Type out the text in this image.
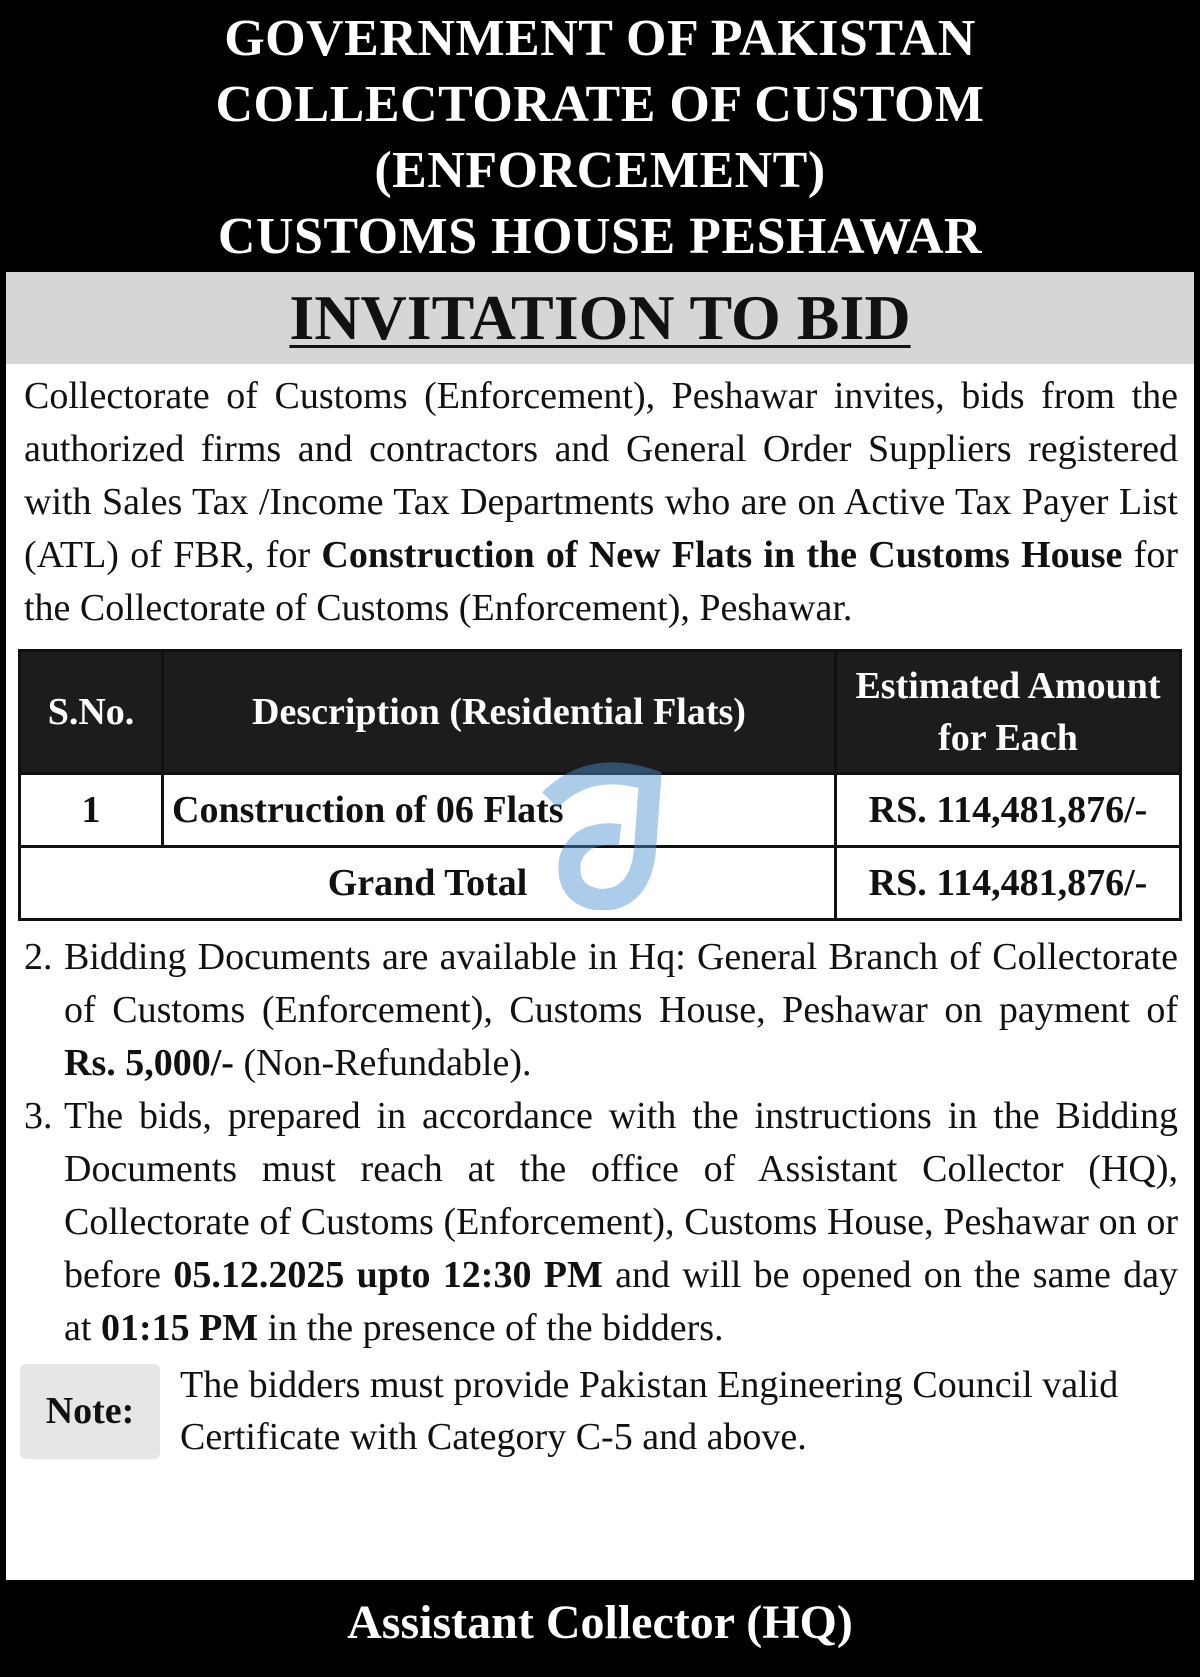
GOVERNMENT OF PAKISTAN
COLLECTORATE OF CUSTOM
(ENFORCEMENT)
CUSTOMS HOUSE PESHAWAR
INVITATION TO BID
Collectorate of Customs (Enforcement), Peshawar invites, bids from the authorized firms and contractors and General Order Suppliers registered with Sales Tax /Income Tax Departments who are on Active Tax Payer List (ATL) of FBR, for Construction of New Flats in the Customs House for the Collectorate of Customs (Enforcement), Peshawar.
S.No.	Description (Residential Flats)	Estimated Amount for Each
1	Construction of 06 Flats	RS. 114,481,876/-
Grand Total		RS. 114,481,876/-
2. Bidding Documents are available in Hq: General Branch of Collectorate of Customs (Enforcement), Customs House, Peshawar on payment of Rs. 5,000/- (Non-Refundable).
3. The bids, prepared in accordance with the instructions in the Bidding Documents must reach at the office of Assistant Collector (HQ), Collectorate of Customs (Enforcement), Customs House, Peshawar on or before 05.12.2025 upto 12:30 PM and will be opened on the same day at 01:15 PM in the presence of the bidders.
Note:
The bidders must provide Pakistan Engineering Council valid Certificate with Category C-5 and above.
Assistant Collector (HQ)
